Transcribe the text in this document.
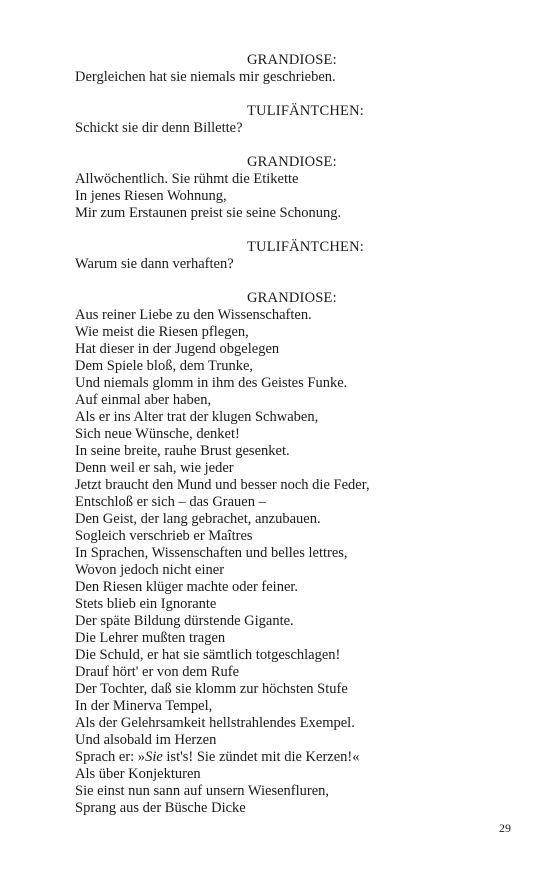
GRANDIOSE:
Dergleichen hat sie niemals mir geschrieben.
TULIFÄNTCHEN:
Schickt sie dir denn Billette?
GRANDIOSE:
Allwöchentlich. Sie rühmt die Etikette
In jenes Riesen Wohnung,
Mir zum Erstaunen preist sie seine Schonung.
TULIFÄNTCHEN:
Warum sie dann verhaften?
GRANDIOSE:
Aus reiner Liebe zu den Wissenschaften.
Wie meist die Riesen pflegen,
Hat dieser in der Jugend obgelegen
Dem Spiele bloß, dem Trunke,
Und niemals glomm in ihm des Geistes Funke.
Auf einmal aber haben,
Als er ins Alter trat der klugen Schwaben,
Sich neue Wünsche, denket!
In seine breite, rauhe Brust gesenket.
Denn weil er sah, wie jeder
Jetzt braucht den Mund und besser noch die Feder,
Entschloß er sich – das Grauen –
Den Geist, der lang gebrachet, anzubauen.
Sogleich verschrieb er Maîtres
In Sprachen, Wissenschaften und belles lettres,
Wovon jedoch nicht einer
Den Riesen klüger machte oder feiner.
Stets blieb ein Ignorante
Der späte Bildung dürstende Gigante.
Die Lehrer mußten tragen
Die Schuld, er hat sie sämtlich totgeschlagen!
Drauf hört' er von dem Rufe
Der Tochter, daß sie klomm zur höchsten Stufe
In der Minerva Tempel,
Als der Gelehrsamkeit hellstrahlendes Exempel.
Und alsobald im Herzen
Sprach er: »Sie ist's! Sie zündet mit die Kerzen!«
Als über Konjekturen
Sie einst nun sann auf unsern Wiesenfluren,
Sprang aus der Büsche Dicke
29
